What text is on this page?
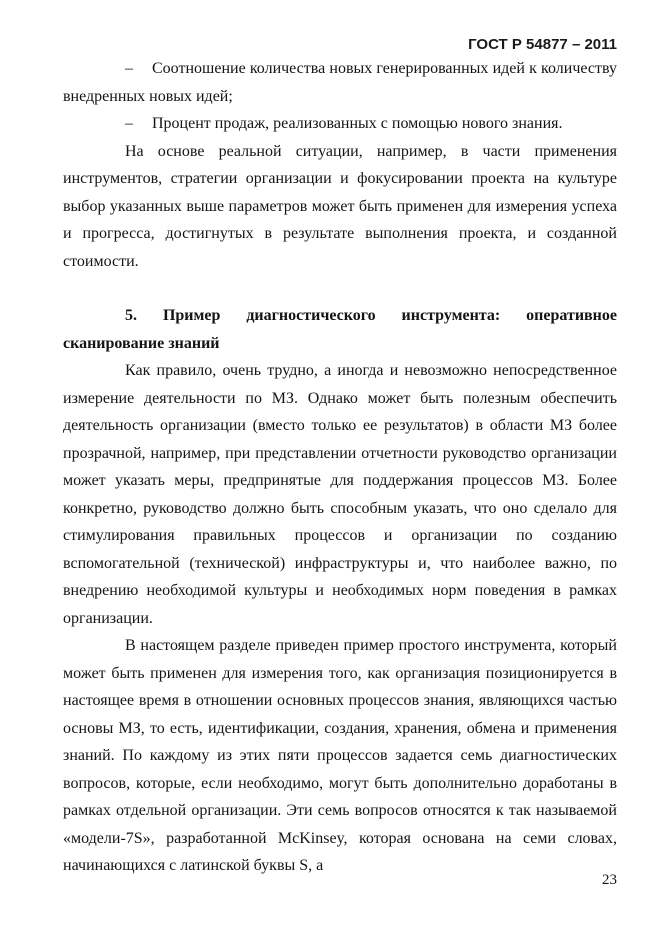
ГОСТ Р 54877 – 2011

– Соотношение количества новых генерированных идей к количеству внедренных новых идей;

– Процент продаж, реализованных с помощью нового знания.

На основе реальной ситуации, например, в части применения инструментов, стратегии организации и фокусировании проекта на культуре выбор указанных выше параметров может быть применен для измерения успеха и прогресса, достигнутых в результате выполнения проекта, и созданной стоимости.

5. Пример диагностического инструмента: оперативное

сканирование знаний

Как правило, очень трудно, а иногда и невозможно непосредственное измерение деятельности по МЗ. Однако может быть полезным обеспечить деятельность организации (вместо только ее результатов) в области МЗ более прозрачной, например, при представлении отчетности руководство организации может указать меры, предпринятые для поддержания процессов МЗ. Более конкретно, руководство должно быть способным указать, что оно сделало для стимулирования правильных процессов и организации по созданию вспомогательной (технической) инфраструктуры и, что наиболее важно, по внедрению необходимой культуры и необходимых норм поведения в рамках организации.

В настоящем разделе приведен пример простого инструмента, который может быть применен для измерения того, как организация позиционируется в настоящее время в отношении основных процессов знания, являющихся частью основы МЗ, то есть, идентификации, создания, хранения, обмена и применения знаний. По каждому из этих пяти процессов задается семь диагностических вопросов, которые, если необходимо, могут быть дополнительно доработаны в рамках отдельной организации. Эти семь вопросов относятся к так называемой «модели-7S», разработанной McKinsey, которая основана на семи словах, начинающихся с латинской буквы S, а

23
